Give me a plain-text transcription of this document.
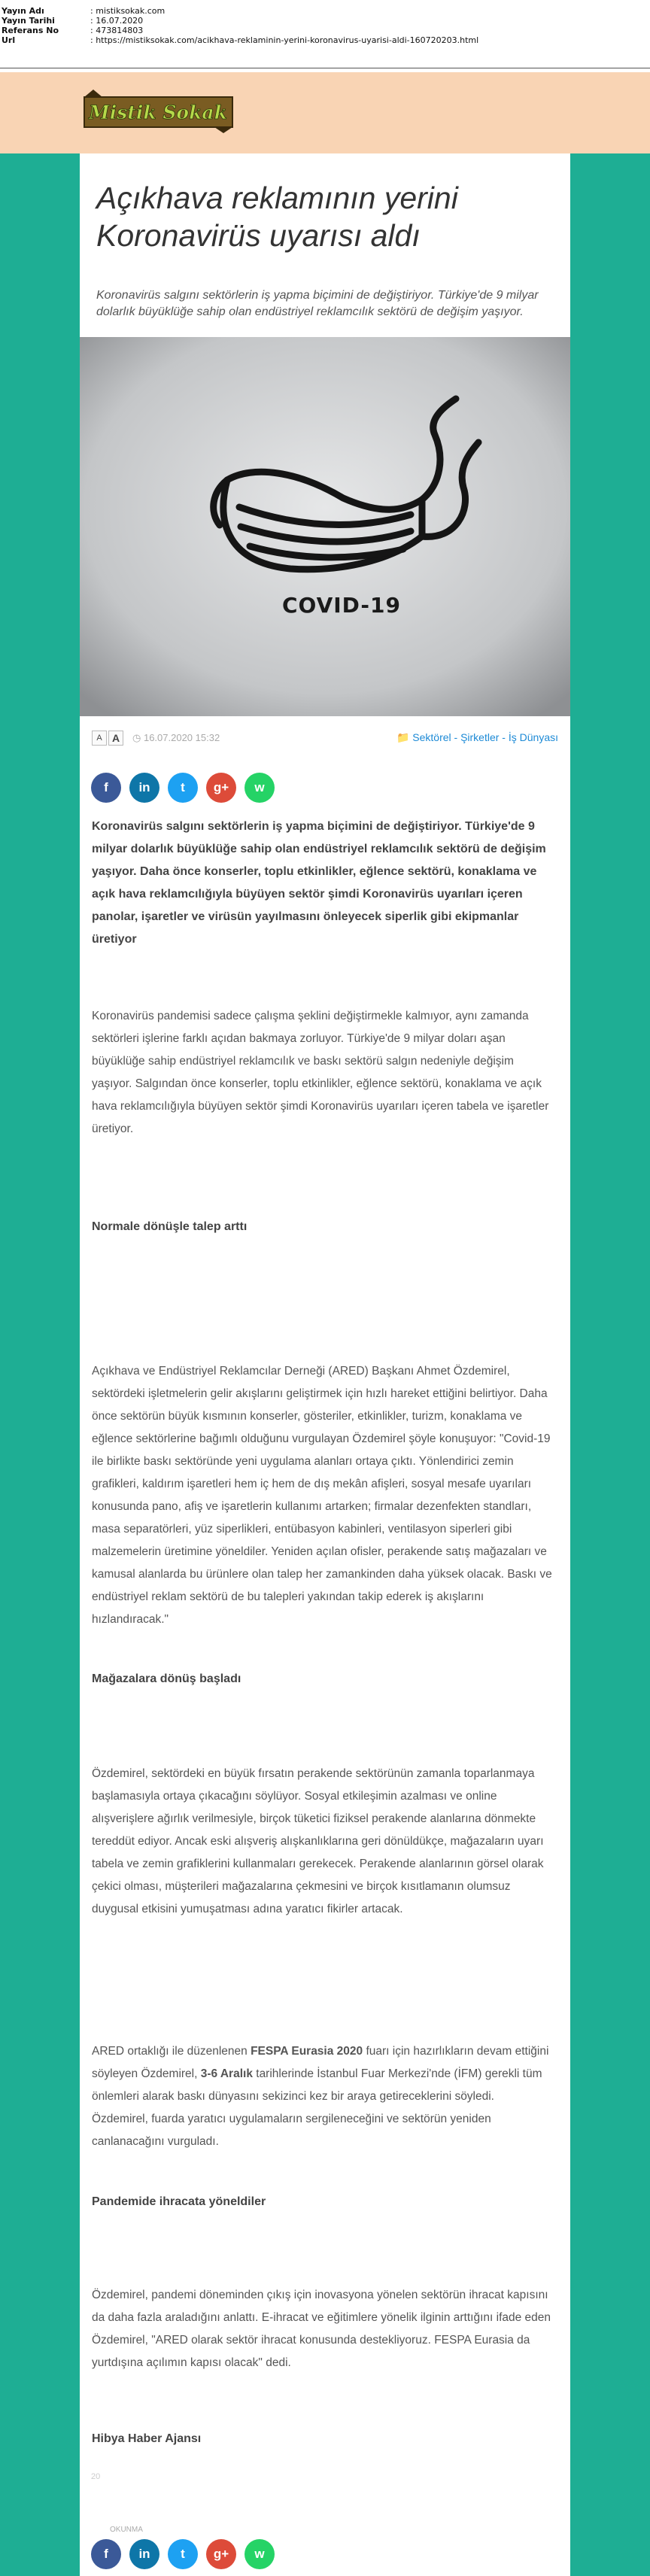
Yayın Adı	: mistiksokak.com
Yayın Tarihi	: 16.07.2020
Referans No	: 473814803
Url	: https://mistiksokak.com/acikhava-reklaminin-yerini-koronavirus-uyarisi-aldi-160720203.html
Mistik Sokak
Açıkhava reklamının yerini Koronavirüs uyarısı aldı

Koronavirüs salgını sektörlerin iş yapma biçimini de değiştiriyor. Türkiye'de 9 milyar dolarlık büyüklüğe sahip olan endüstriyel reklamcılık sektörü de değişim yaşıyor.

COVID-19
A A	◷ 16.07.2020 15:32	📁 Sektörel - Şirketler - İş Dünyası
f	in	t	g+	w

Koronavirüs salgını sektörlerin iş yapma biçimini de değiştiriyor. Türkiye'de 9 milyar dolarlık büyüklüğe sahip olan endüstriyel reklamcılık sektörü de değişim yaşıyor. Daha önce konserler, toplu etkinlikler, eğlence sektörü, konaklama ve açık hava reklamcılığıyla büyüyen sektör şimdi Koronavirüs uyarıları içeren panolar, işaretler ve virüsün yayılmasını önleyecek siperlik gibi ekipmanlar üretiyor

Koronavirüs pandemisi sadece çalışma şeklini değiştirmekle kalmıyor, aynı zamanda sektörleri işlerine farklı açıdan bakmaya zorluyor. Türkiye'de 9 milyar doları aşan büyüklüğe sahip endüstriyel reklamcılık ve baskı sektörü salgın nedeniyle değişim yaşıyor. Salgından önce konserler, toplu etkinlikler, eğlence sektörü, konaklama ve açık hava reklamcılığıyla büyüyen sektör şimdi Koronavirüs uyarıları içeren tabela ve işaretler üretiyor.

Normale dönüşle talep arttı

Açıkhava ve Endüstriyel Reklamcılar Derneği (ARED) Başkanı Ahmet Özdemirel, sektördeki işletmelerin gelir akışlarını geliştirmek için hızlı hareket ettiğini belirtiyor. Daha önce sektörün büyük kısmının konserler, gösteriler, etkinlikler, turizm, konaklama ve eğlence sektörlerine bağımlı olduğunu vurgulayan Özdemirel şöyle konuşuyor: "Covid-19 ile birlikte baskı sektöründe yeni uygulama alanları ortaya çıktı. Yönlendirici zemin grafikleri, kaldırım işaretleri hem iç hem de dış mekân afişleri, sosyal mesafe uyarıları konusunda pano, afiş ve işaretlerin kullanımı artarken; firmalar dezenfekten standları, masa separatörleri, yüz siperlikleri, entübasyon kabinleri, ventilasyon siperleri gibi malzemelerin üretimine yöneldiler. Yeniden açılan ofisler, perakende satış mağazaları ve kamusal alanlarda bu ürünlere olan talep her zamankinden daha yüksek olacak. Baskı ve endüstriyel reklam sektörü de bu talepleri yakından takip ederek iş akışlarını hızlandıracak."

Mağazalara dönüş başladı

Özdemirel, sektördeki en büyük fırsatın perakende sektörünün zamanla toparlanmaya başlamasıyla ortaya çıkacağını söylüyor. Sosyal etkileşimin azalması ve online alışverişlere ağırlık verilmesiyle, birçok tüketici fiziksel perakende alanlarına dönmekte tereddüt ediyor. Ancak eski alışveriş alışkanlıklarına geri dönüldükçe, mağazaların uyarı tabela ve zemin grafiklerini kullanmaları gerekecek. Perakende alanlarının görsel olarak çekici olması, müşterileri mağazalarına çekmesini ve birçok kısıtlamanın olumsuz duygusal etkisini yumuşatması adına yaratıcı fikirler artacak.

ARED ortaklığı ile düzenlenen FESPA Eurasia 2020 fuarı için hazırlıkların devam ettiğini söyleyen Özdemirel, 3-6 Aralık tarihlerinde İstanbul Fuar Merkezi'nde (İFM) gerekli tüm önlemleri alarak baskı dünyasını sekizinci kez bir araya getireceklerini söyledi. Özdemirel, fuarda yaratıcı uygulamaların sergileneceğini ve sektörün yeniden canlanacağını vurguladı.

Pandemide ihracata yöneldiler

Özdemirel, pandemi döneminden çıkış için inovasyona yönelen sektörün ihracat kapısını da daha fazla araladığını anlattı. E-ihracat ve eğitimlere yönelik ilginin arttığını ifade eden Özdemirel, "ARED olarak sektör ihracat konusunda destekliyoruz. FESPA Eurasia da yurtdışına açılımın kapısı olacak" dedi.

Hibya Haber Ajansı

20
OKUNMA
f	in	t	g+	w
